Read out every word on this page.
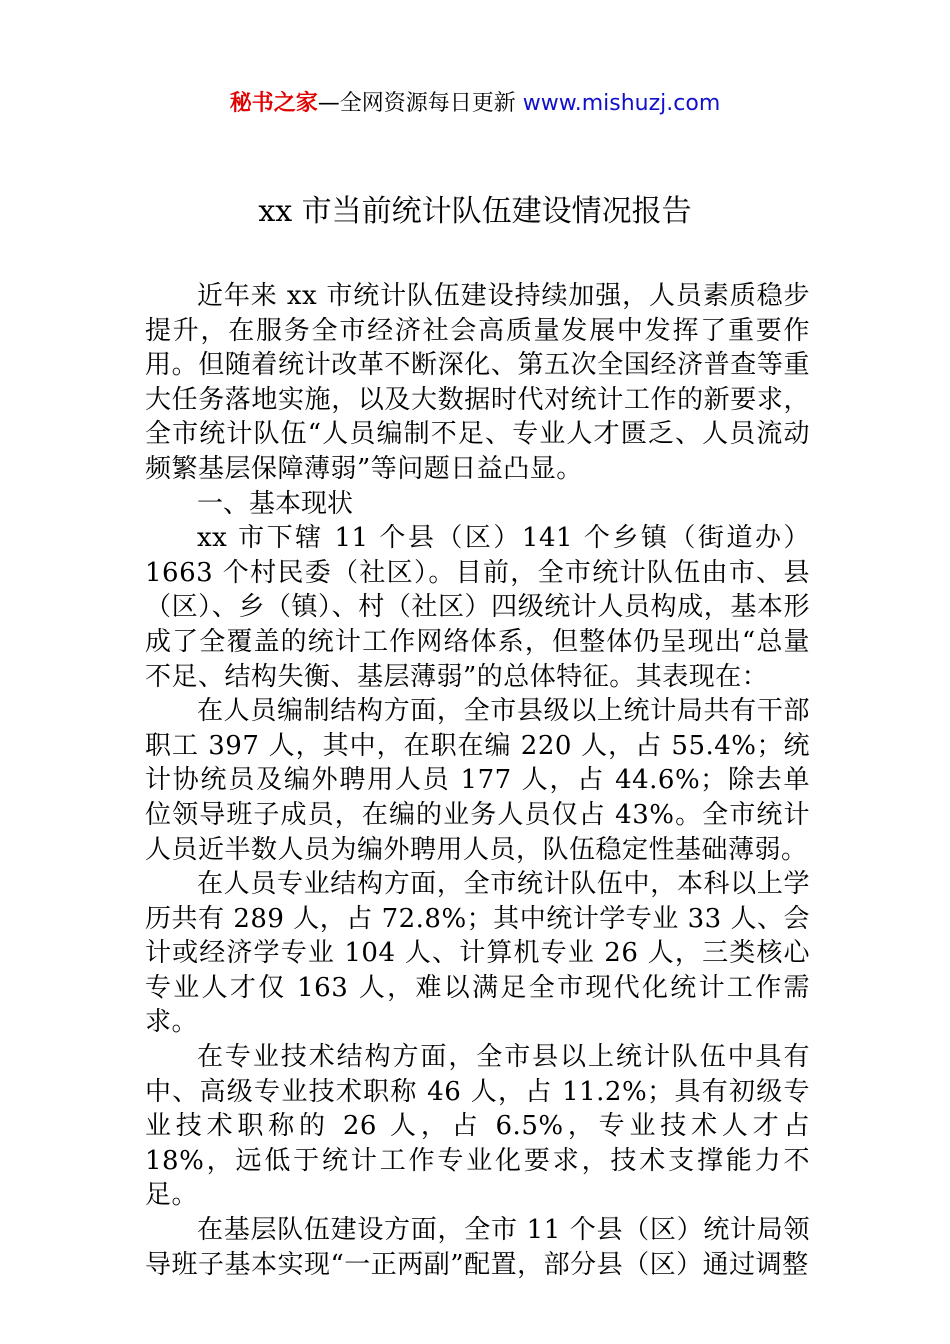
秘书之家—全网资源每日更新 www.mishuzj.com
xx 市当前统计队伍建设情况报告

近年来 xx 市统计队伍建设持续加强，人员素质稳步提升，在服务全市经济社会高质量发展中发挥了重要作用。但随着统计改革不断深化、第五次全国经济普查等重大任务落地实施，以及大数据时代对统计工作的新要求，全市统计队伍“人员编制不足、专业人才匮乏、人员流动频繁基层保障薄弱”等问题日益凸显。

一、基本现状

xx 市下辖 11 个县（区）141 个乡镇（街道办）1663 个村民委（社区）。目前，全市统计队伍由市、县（区）、乡（镇）、村（社区）四级统计人员构成，基本形成了全覆盖的统计工作网络体系，但整体仍呈现出“总量不足、结构失衡、基层薄弱”的总体特征。其表现在：

在人员编制结构方面，全市县级以上统计局共有干部职工 397 人，其中，在职在编 220 人，占 55.4%；统计协统员及编外聘用人员 177 人，占 44.6%；除去单位领导班子成员，在编的业务人员仅占 43%。全市统计人员近半数人员为编外聘用人员，队伍稳定性基础薄弱。

在人员专业结构方面，全市统计队伍中，本科以上学历共有 289 人，占 72.8%；其中统计学专业 33 人、会计或经济学专业 104 人、计算机专业 26 人，三类核心专业人才仅 163 人，难以满足全市现代化统计工作需求。

在专业技术结构方面，全市县以上统计队伍中具有中、高级专业技术职称 46 人，占 11.2%；具有初级专业技术职称的 26 人，占 6.5%，专业技术人才占 18%，远低于统计工作专业化要求，技术支撑能力不足。

在基层队伍建设方面，全市 11 个县（区）统计局领导班子基本实现“一正两副”配置，部分县（区）通过调整
